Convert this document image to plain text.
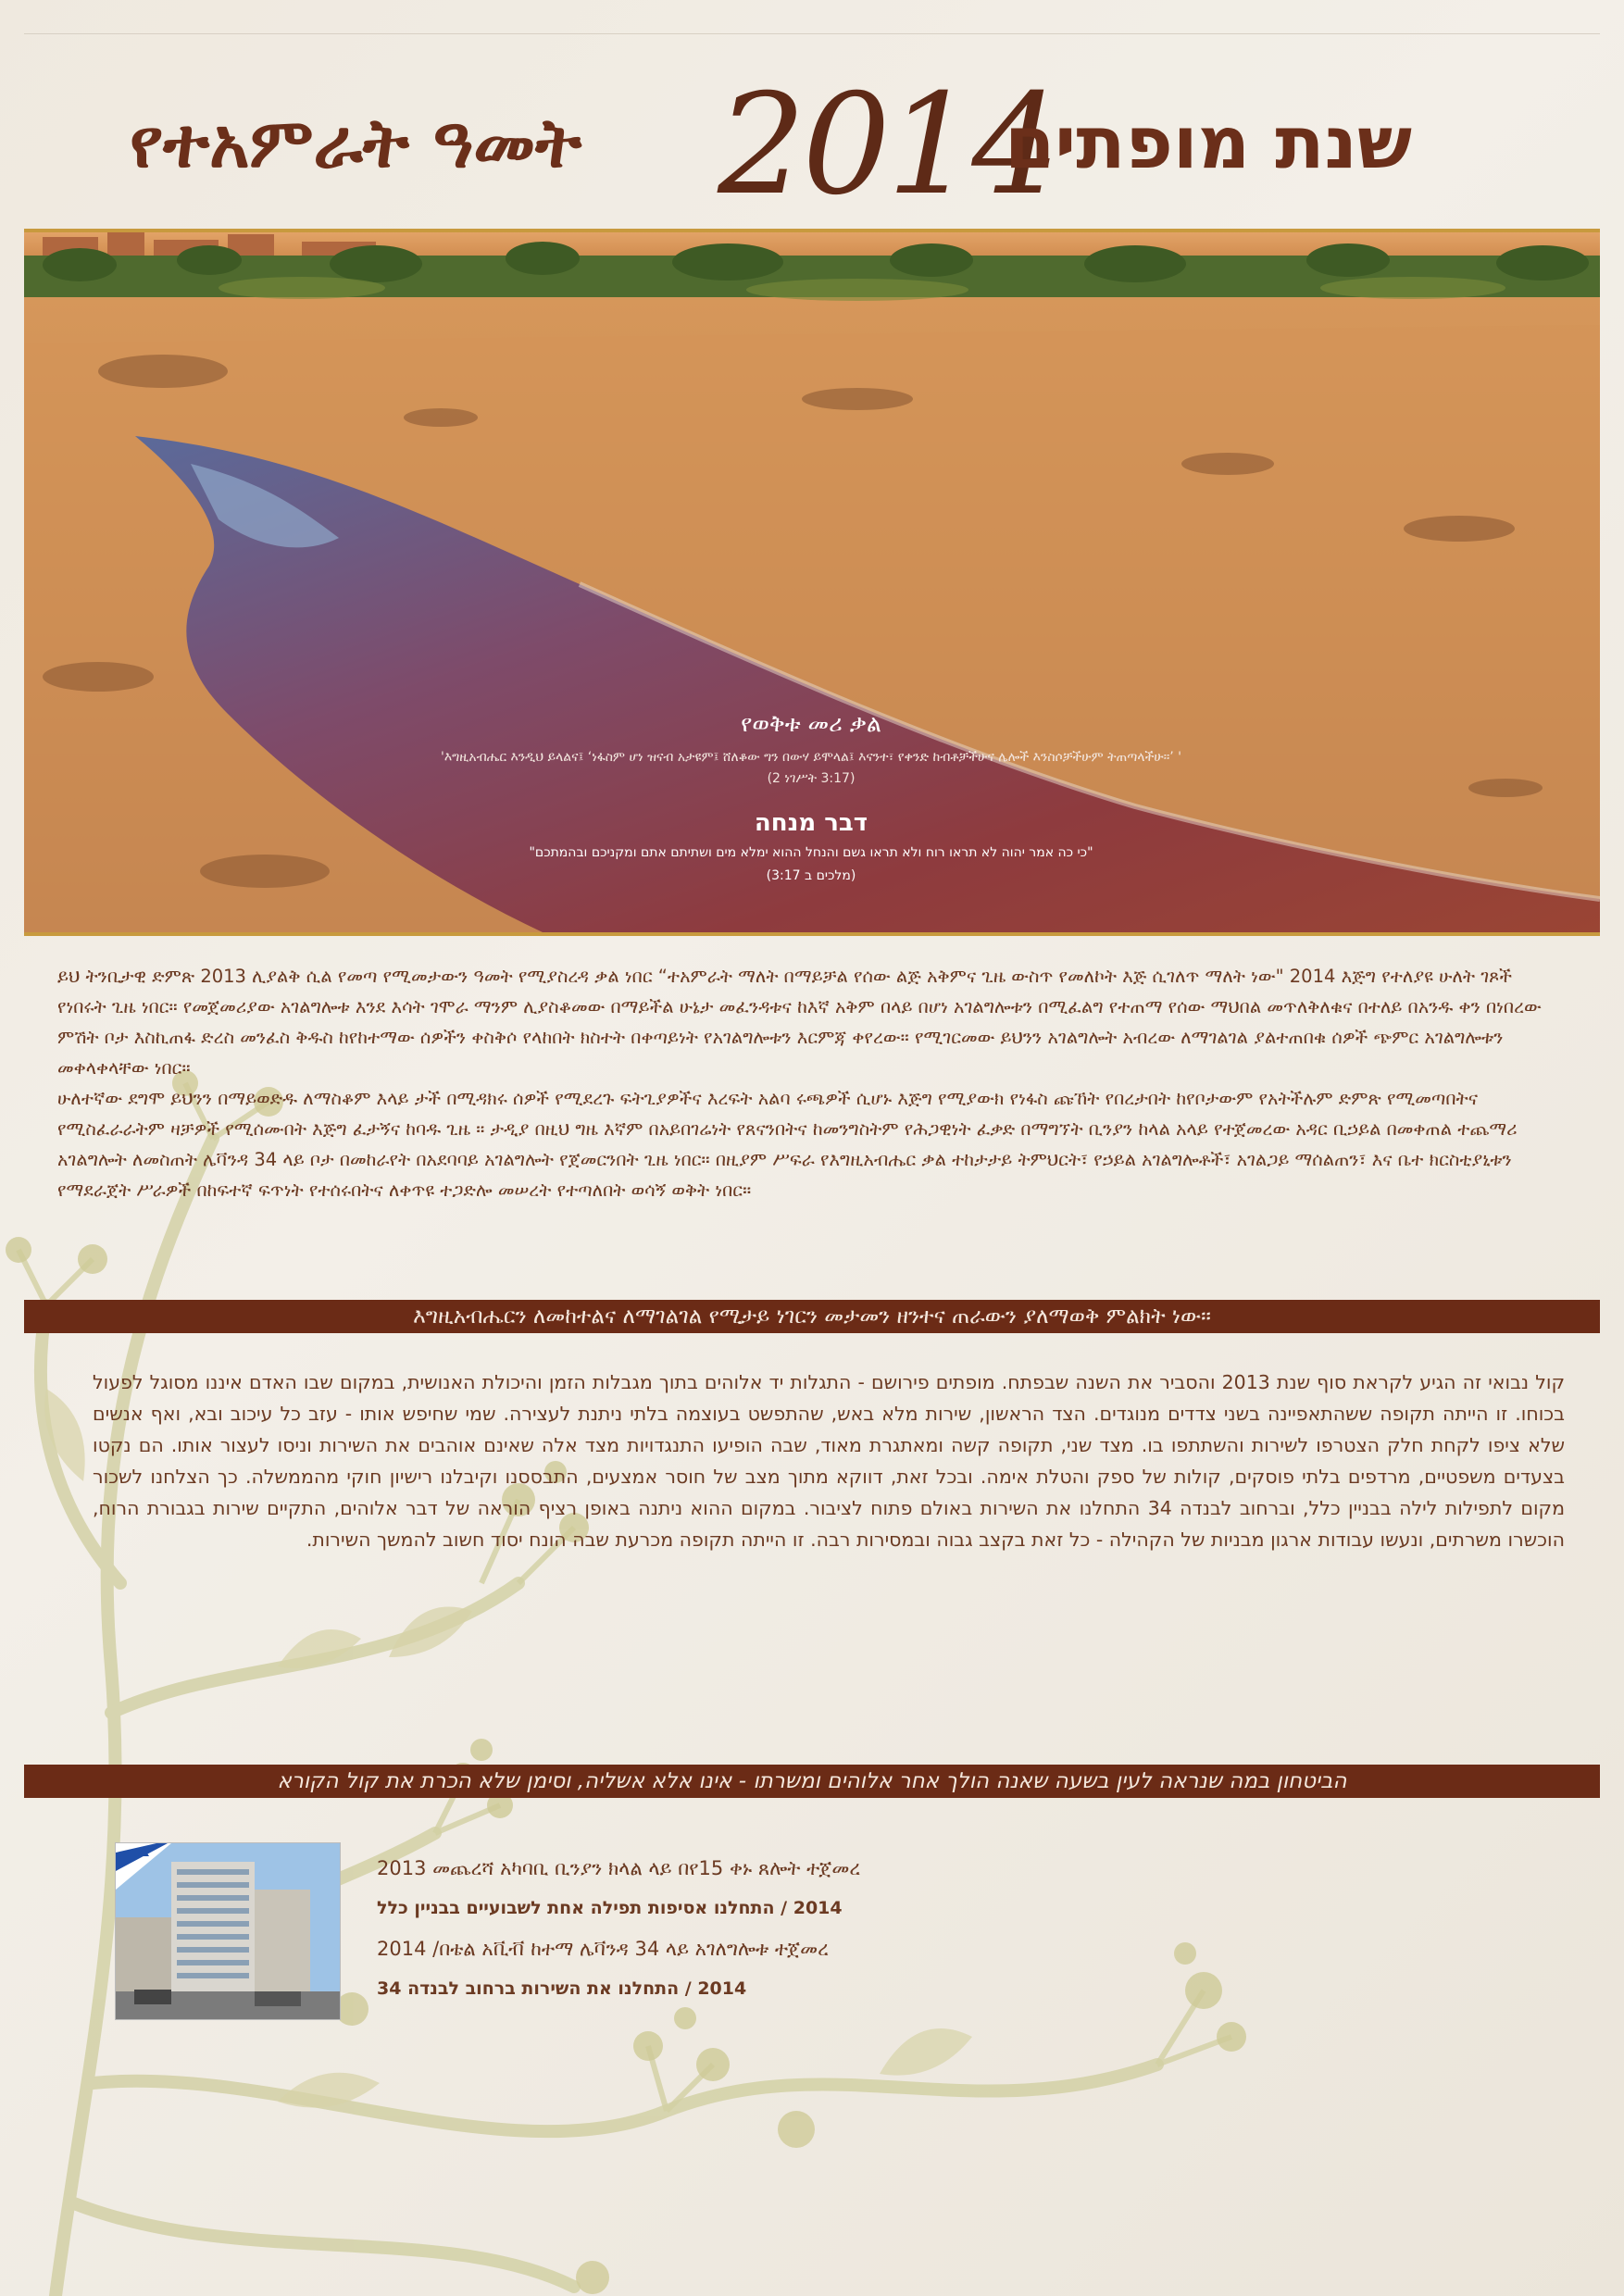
የተአምራት ዓመት 2014
שנת מופתים
የወቅቱ መሪ ቃል
'እግዚአብሔር እንዲህ ይላልና፤ ‘ነፋስም ሆነ ዝናብ አታዩም፤ ሸለቆው ግን በውሃ ይሞላል፤ እናንተ፣ የቀንድ ከብቶቻችሁና ሌሎች እንስሶቻችሁም ትጠጣላችሁ።’ '
(2 ነገሥት 3:17)
דבר מנחה
"כי כה אמר יהוה לא תראו רוח ולא תראו גשם והנחל ההוא ימלא מים ושתיתם אתם ומקניכם ובהמתכם"
(מלכים ב 3:17)

ይህ ትንቢታዊ ድምጽ 2013 ሊያልቅ ሲል የመጣ የሚመታውን ዓመት የሚያስረዳ ቃል ነበር “ተአምራት ማለት በማይቻል የሰው ልጅ አቅምና ጊዜ ውስጥ የመለኮት እጅ ሲገለጥ ማለት ነው" 2014 እጅግ የተለያዩ ሁለት ገጾች የነበሩት ጊዜ ነበር። የመጀመሪያው አገልግሎቱ እንደ እሳት ገሞራ ማንም ሊያስቆመው በማይችል ሁኔታ መፈንዳቱና ከእኛ አቅም በላይ በሆነ አገልግሎቱን በሚፈልግ የተጠማ የሰው ማህበል መጥለቅለቁና በተለይ በአንዱ ቀን በነበረው ምሽት ቦታ እስኪጠፋ ድረስ መንፈስ ቅዱስ ከየከተማው ሰዎችን ቀስቅሶ የላከበት ክስተት በቀጣይነት የአገልግሎቱን እርምጃ ቀየረው። የሚገርመው ይህንን አገልግሎት አብረው ለማገልገል ያልተጠበቁ ሰዎች ጭምር አገልግሎቱን መቀላቀላቸው ነበር።

ሁለተኛው ደግሞ ይህንን በማይወድዱ ለማስቆም እላይ ታች በሚዳክሩ ሰዎች የሚደረጉ ፍትጊያዎችና እረፍት አልባ ሩጫዎች ሲሆኑ እጅግ የሚያውክ የነፋስ ጩኸት የበረታበት ከየቦታውም የአትችሉም ድምጽ የሚመጣበትና የሚስፈራራትም ዛቻዎች የሚሰሙበት እጅግ ፈታኝና ከባዱ ጊዜ ። ታዲያ በዚህ ግዜ እኛም በአይበገሬነት የጸናንበትና ከመንግስትም የሕጋዊነት ፈቃድ በማግኘት ቢንያን ከላል አላይ የተጀመረው አዳር ቢኃይል በመቀጠል ተጨማሪ አገልግሎት ለመስጠት ሌቫንዳ 34 ላይ ቦታ በመከራየት በአደባባይ አገልግሎት የጀመርንበት ጊዜ ነበር። በዚያም ሥፍራ የእግዚአብሔር ቃል ተከታታይ ትምህርት፣ የኃይል አገልግሎቶች፣ አገልጋይ ማሰልጠን፣ እና ቤተ ክርስቲያኒቱን የማደራጀት ሥራዎች በከፍተኛ ፍጥነት የተሰሩበትና ለቀጥዩ ተጋድሎ መሠረት የተጣለበት ወሳኝ ወቅት ነበር።

እግዚአብሔርን ለመከተልና ለማገልገል የሚታይ ነገርን መታመን ዘንተና ጠራውን ያለማወቅ ምልክት ነው።
קול נבואי זה הגיע לקראת סוף שנת 2013 והסביר את השנה שבפתח. מופתים פירושם - התגלות יד אלוהים בתוך מגבלות הזמן והיכולת האנושית, במקום שבו האדם איננו מסוגל לפעול בכוחו. זו הייתה תקופה ששהתאפיינה בשני צדדים מנוגדים. הצד הראשון, שירות מלא באש, שהתפשט בעוצמה בלתי ניתנת לעצירה. שמי שחיפש אותו - עזב כל עיכוב ובא, ואף אנשים שלא ציפו לקחת חלק הצטרפו לשירות והשתתפו בו. מצד שני, תקופה קשה ומאתגרת מאוד, שבה הופיעו התנגדויות מצד אלה שאינם אוהבים את השירות וניסו לעצור אותו. הם נקטו בצעדים משפטיים, מרדפים בלתי פוסקים, קולות של ספק והטלת אימה. ובכל זאת, דווקא מתוך מצב של חוסר אמצעים, התבססנו וקיבלנו רישיון חוקי מהממשלה. כך הצלחנו לשכור מקום לתפילות לילה בבניין כלל, וברחוב לבנדה 34 התחלנו את השירות באולם פתוח לציבור. במקום ההוא ניתנה באופן רציף הוראה של דבר אלוהים, התקיים שירות בגבורת הרוח, הוכשרו משרתים, ונעשו עבודות ארגון מבניות של הקהילה - כל זאת בקצב גבוה ובמסירות רבה. זו הייתה תקופה מכרעת שבה הונח יסוד חשוב להמשך השירות.
הביטחון במה שנראה לעין בשעה שאנה הולך אחר אלוהים ומשרתו - אינו אלא אשליה, וסימן שלא הכרת את קול הקורא
2013 መጨረሻ አካባቢ ቢንያን ክላል ላይ በየ15 ቀኑ ጸሎት ተጀመረ
2014 / התחלנו אסיפות תפילה אחת לשבועיים בבניין כלל
2014 /በቴል አቪቭ ከተማ ሌቫንዳ 34 ላይ አገለግሎቱ ተጀመረ
2014 / התחלנו את השירות ברחוב לבנדה 34
